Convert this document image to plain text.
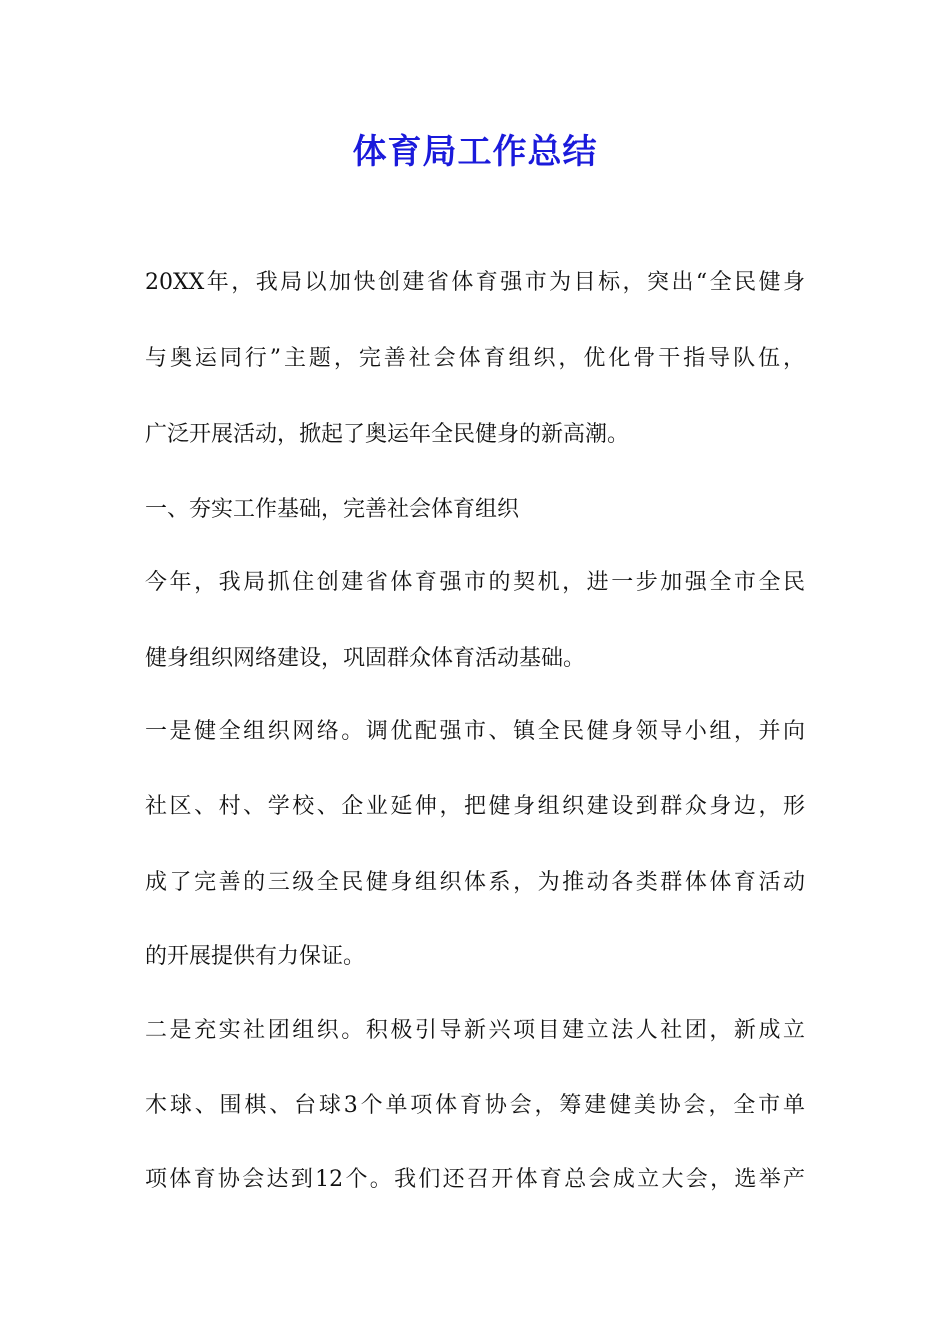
体育局工作总结
20XX年，我局以加快创建省体育强市为目标，突出“全民健身
与奥运同行”主题，完善社会体育组织，优化骨干指导队伍，
广泛开展活动，掀起了奥运年全民健身的新高潮。
一、夯实工作基础，完善社会体育组织
今年，我局抓住创建省体育强市的契机，进一步加强全市全民
健身组织网络建设，巩固群众体育活动基础。
一是健全组织网络。调优配强市、镇全民健身领导小组，并向
社区、村、学校、企业延伸，把健身组织建设到群众身边，形
成了完善的三级全民健身组织体系，为推动各类群体体育活动
的开展提供有力保证。
二是充实社团组织。积极引导新兴项目建立法人社团，新成立
木球、围棋、台球3个单项体育协会，筹建健美协会，全市单
项体育协会达到12个。我们还召开体育总会成立大会，选举产
